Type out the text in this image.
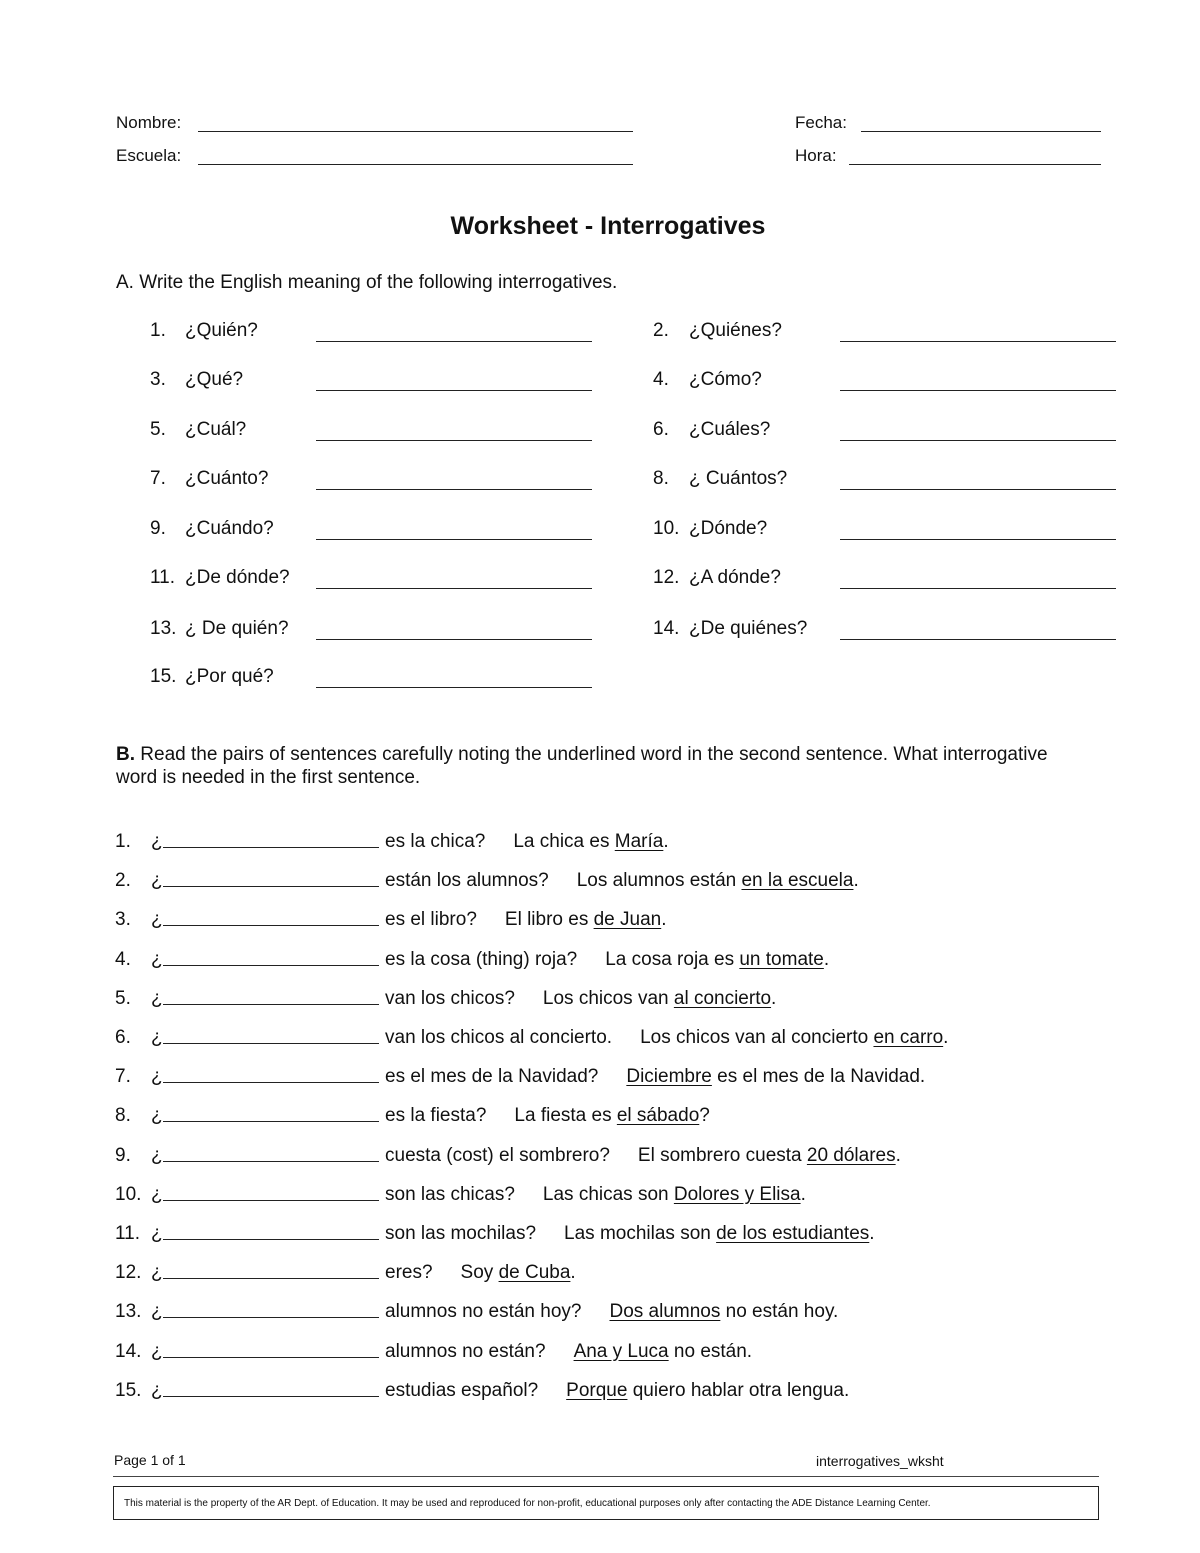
Nombre:
Escuela:
Fecha:
Hora:
Worksheet - Interrogatives
A. Write the English meaning of the following interrogatives.
1. ¿Quién?	2. ¿Quiénes?
3. ¿Qué?	4. ¿Cómo?
5. ¿Cuál?	6. ¿Cuáles?
7. ¿Cuánto?	8. ¿ Cuántos?
9. ¿Cuándo?	10. ¿Dónde?
11. ¿De dónde?	12. ¿A dónde?
13. ¿ De quién?	14. ¿De quiénes?
15. ¿Por qué?
B. Read the pairs of sentences carefully noting the underlined word in the second sentence. What interrogative word is needed in the first sentence.
1. ¿	es la chica? La chica es María.
2. ¿	están los alumnos? Los alumnos están en la escuela.
3. ¿	es el libro? El libro es de Juan.
4. ¿	es la cosa (thing) roja? La cosa roja es un tomate.
5. ¿	van los chicos? Los chicos van al concierto.
6. ¿	van los chicos al concierto. Los chicos van al concierto en carro.
7. ¿	es el mes de la Navidad? Diciembre es el mes de la Navidad.
8. ¿	es la fiesta? La fiesta es el sábado?
9. ¿	cuesta (cost) el sombrero? El sombrero cuesta 20 dólares.
10. ¿	son las chicas? Las chicas son Dolores y Elisa.
11. ¿	son las mochilas? Las mochilas son de los estudiantes.
12. ¿	eres? Soy de Cuba.
13. ¿	alumnos no están hoy? Dos alumnos no están hoy.
14. ¿	alumnos no están? Ana y Luca no están.
15. ¿	estudias español? Porque quiero hablar otra lengua.
Page 1 of 1	interrogatives_wksht
This material is the property of the AR Dept. of Education. It may be used and reproduced for non-profit, educational purposes only after contacting the ADE Distance Learning Center.
